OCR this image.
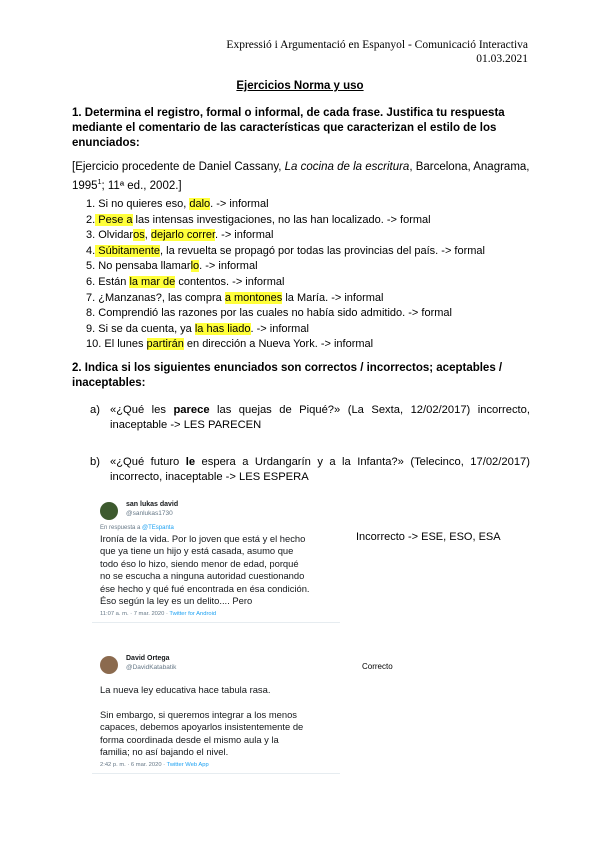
Expressió i Argumentació en Espanyol - Comunicació Interactiva
01.03.2021
Ejercicios Norma y uso
1. Determina el registro, formal o informal, de cada frase. Justifica tu respuesta mediante el comentario de las características que caracterizan el estilo de los enunciados:
[Ejercicio procedente de Daniel Cassany, La cocina de la escritura, Barcelona, Anagrama, 1995$^1$; 11ª ed., 2002.]
1. Si no quieres eso, dalo. -> informal
2. Pese a las intensas investigaciones, no las han localizado. -> formal
3. Olvidaros, dejarlo correr. -> informal
4. Súbitamente, la revuelta se propagó por todas las provincias del país. -> formal
5. No pensaba llamarlo. -> informal
6. Están la mar de contentos. -> informal
7. ¿Manzanas?, las compra a montones la María. -> informal
8. Comprendió las razones por las cuales no había sido admitido. -> formal
9. Si se da cuenta, ya la has liado. -> informal
10. El lunes partirán en dirección a Nueva York. -> informal
2. Indica si los siguientes enunciados son correctos / incorrectos; aceptables / inaceptables:
a) «¿Qué les parece las quejas de Piqué?» (La Sexta, 12/02/2017) incorrecto, inaceptable -> LES PARECEN
b) «¿Qué futuro le espera a Urdangarín y a la Infanta?» (Telecinco, 17/02/2017) incorrecto, inaceptable -> LES ESPERA
san lukas david
@sanlukas1730
En respuesta a @TEspanta
Ironía de la vida. Por lo joven que está y el hecho
que ya tiene un hijo y está casada, asumo que
todo éso lo hizo, siendo menor de edad, porqué
no se escucha a ninguna autoridad cuestionando
ése hecho y qué fué encontrada en ésa condición.
Éso según la ley es un delito.... Pero
11:07 a. m. · 7 mar. 2020 · Twitter for Android
Incorrecto -> ESE, ESO, ESA
David Ortega
@DavidKatabatik
La nueva ley educativa hace tabula rasa.

Sin embargo, si queremos integrar a los menos
capaces, debemos apoyarlos insistentemente de
forma coordinada desde el mismo aula y la
familia; no así bajando el nivel.
2:42 p. m. · 6 mar. 2020 · Twitter Web App
Correcto
